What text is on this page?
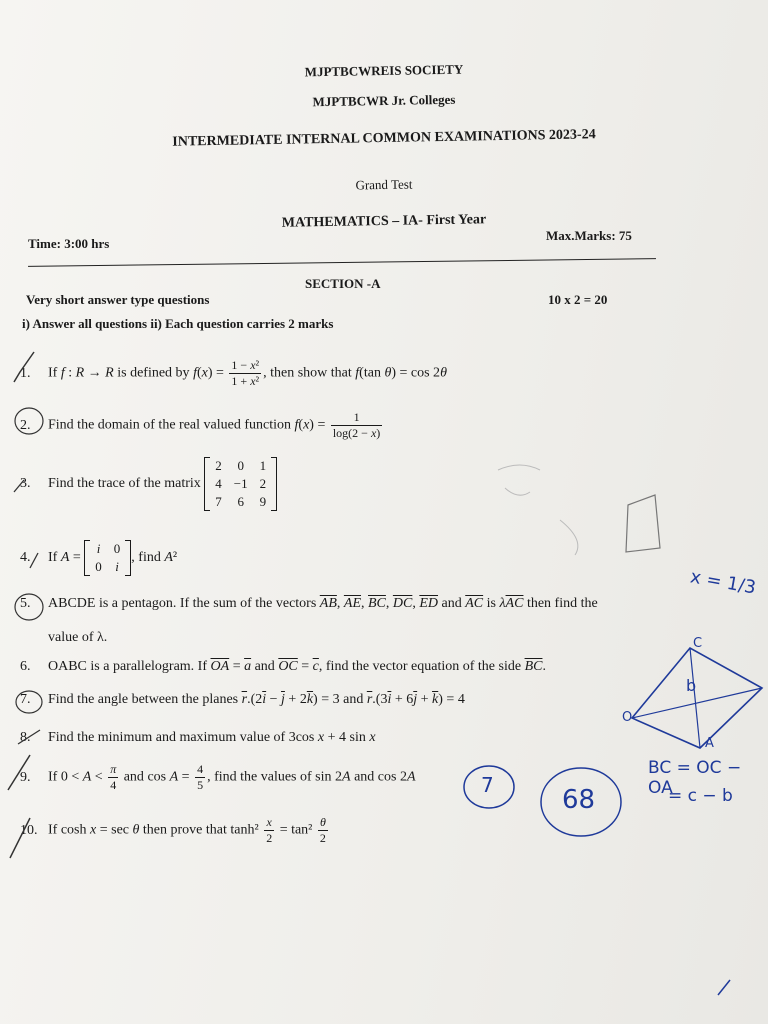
MJPTBCWREIS SOCIETY
MJPTBCWR Jr. Colleges
INTERMEDIATE INTERNAL COMMON EXAMINATIONS 2023-24
Grand Test
MATHEMATICS – IA- First Year
Time: 3:00 hrs
Max.Marks: 75
SECTION -A
Very short answer type questions	10 x 2 = 20
i) Answer all questions ii) Each question carries 2 marks
1. If f : R → R is defined by $f(x) = \frac{\text{1 − x²}}{\text{1 + x²}}$ , then show that f(tan θ) = cos 2θ
2. Find the domain of the real valued function $f(x) = \frac{1}{\log(2 - x)}$
3. Find the trace of the matrix
2	0	1
4	−1	2
7	6	9
4. If A =
i	0
0	i
, find A²
5. ABCDE is a pentagon. If the sum of the vectors $\overline{AB}$, $\overline{AE}$, $\overline{BC}$, $\overline{DC}$, $\overline{ED}$ and $\overline{AC}$ is $\lambda\overline{AC}$ then find the
value of λ.
6. OABC is a parallelogram. If $\overline{OA} = \overline{a}$ and $\overline{OC} = \overline{c}$, find the vector equation of the side $\overline{BC}$.
7. Find the angle between the planes $\overline{r}.(2\overline{i} - \overline{j} + 2\overline{k}) = 3$ and $\overline{r}.(3\overline{i} + 6\overline{j} + \overline{k}) = 4$
8. Find the minimum and maximum value of 3cos x + 4 sin x
9. If $0 < A < \frac{\pi}{4}$ and $\cos A = \frac{4}{5}$ , find the values of sin 2A and cos 2A
10. If cosh x = sec θ then prove that $\tanh^2 \frac{x}{2} = \tan^2 \frac{\theta}{2}$
x = 1/3
b
O
A
C
BC = OC − OA
= c − b
7	68
